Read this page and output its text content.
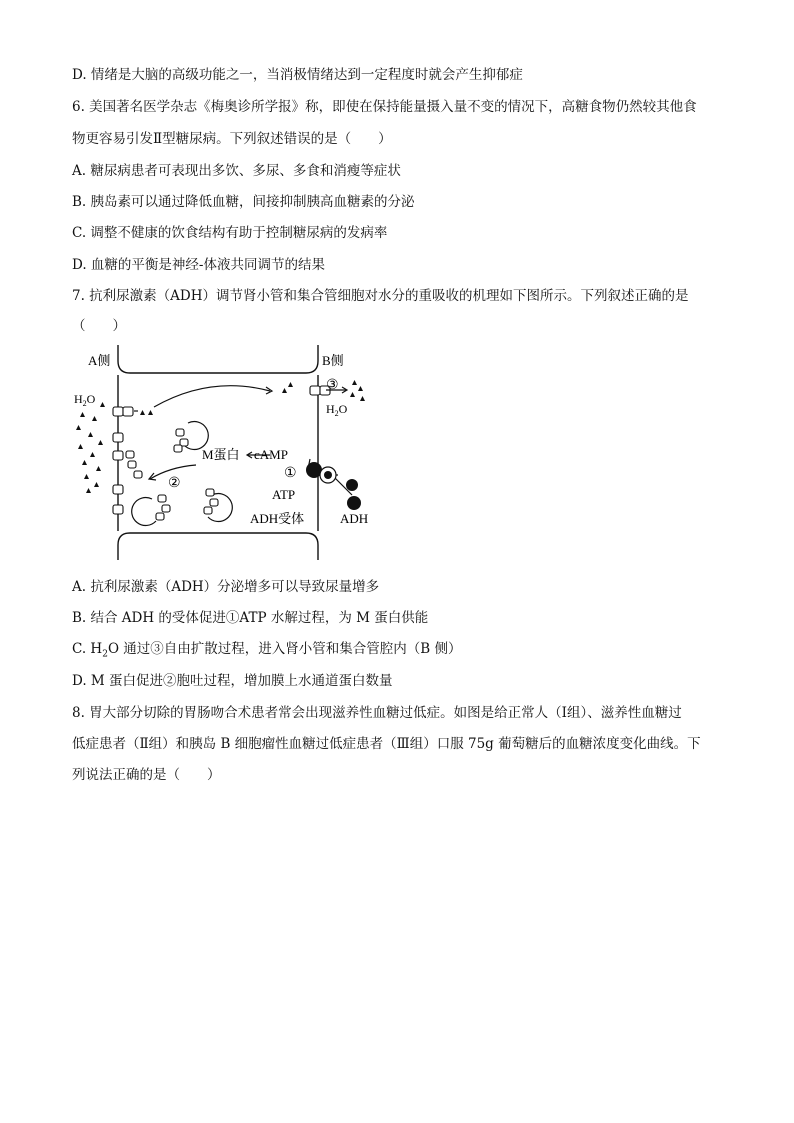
D. 情绪是大脑的高级功能之一，当消极情绪达到一定程度时就会产生抑郁症
6. 美国著名医学杂志《梅奥诊所学报》称，即使在保持能量摄入量不变的情况下，高糖食物仍然较其他食
物更容易引发Ⅱ型糖尿病。下列叙述错误的是（　　）
A. 糖尿病患者可表现出多饮、多尿、多食和消瘦等症状
B. 胰岛素可以通过降低血糖，间接抑制胰高血糖素的分泌
C. 调整不健康的饮食结构有助于控制糖尿病的发病率
D. 血糖的平衡是神经-体液共同调节的结果
7. 抗利尿激素（ADH）调节肾小管和集合管细胞对水分的重吸收的机理如下图所示。下列叙述正确的是
（　　）
A侧	B侧
$H_2O$
$H_2O$
M蛋白 cAMP
①
②
③
ATP
ADH受体	ADH
A. 抗利尿激素（ADH）分泌增多可以导致尿量增多
B. 结合 ADH 的受体促进①ATP 水解过程，为 M 蛋白供能
C. $H_2O$ 通过③自由扩散过程，进入肾小管和集合管腔内（B 侧）
D. M 蛋白促进②胞吐过程，增加膜上水通道蛋白数量
8. 胃大部分切除的胃肠吻合术患者常会出现滋养性血糖过低症。如图是给正常人（Ⅰ组）、滋养性血糖过
低症患者（Ⅱ组）和胰岛 B 细胞瘤性血糖过低症患者（Ⅲ组）口服 75g 葡萄糖后的血糖浓度变化曲线。下
列说法正确的是（　　）
